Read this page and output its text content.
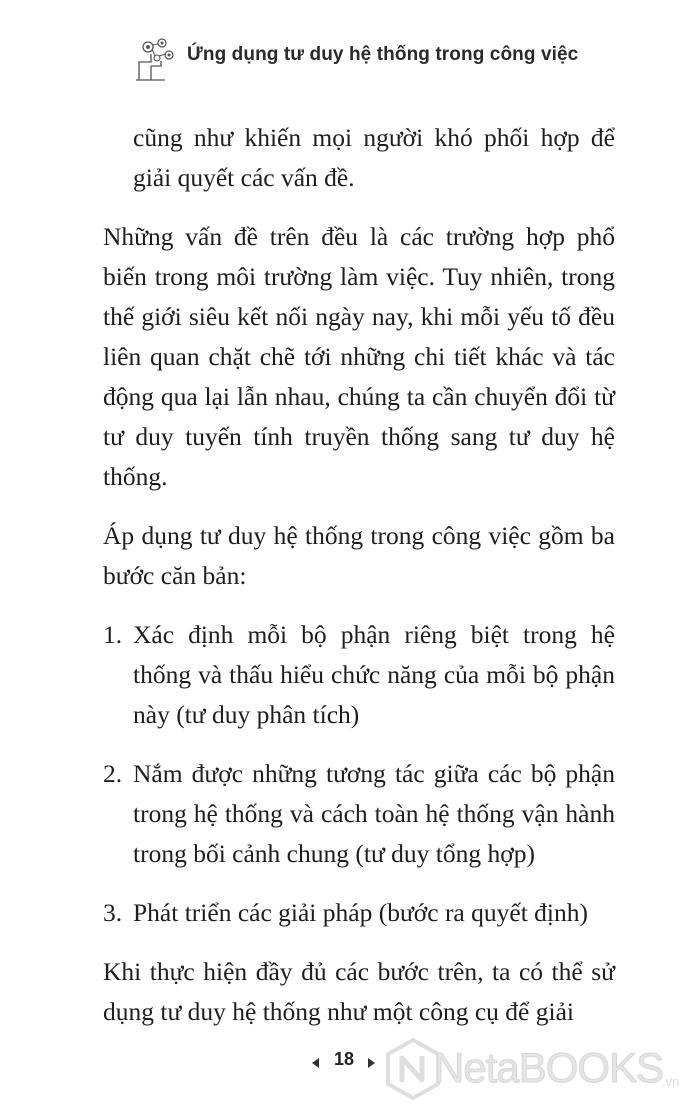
Ứng dụng tư duy hệ thống trong công việc

cũng như khiến mọi người khó phối hợp để giải quyết các vấn đề.

Những vấn đề trên đều là các trường hợp phổ biến trong môi trường làm việc. Tuy nhiên, trong thế giới siêu kết nối ngày nay, khi mỗi yếu tố đều liên quan chặt chẽ tới những chi tiết khác và tác động qua lại lẫn nhau, chúng ta cần chuyển đổi từ tư duy tuyến tính truyền thống sang tư duy hệ thống.

Áp dụng tư duy hệ thống trong công việc gồm ba bước căn bản:

1. Xác định mỗi bộ phận riêng biệt trong hệ thống và thấu hiểu chức năng của mỗi bộ phận này (tư duy phân tích)
2. Nắm được những tương tác giữa các bộ phận trong hệ thống và cách toàn hệ thống vận hành trong bối cảnh chung (tư duy tổng hợp)
3. Phát triển các giải pháp (bước ra quyết định)

Khi thực hiện đầy đủ các bước trên, ta có thể sử dụng tư duy hệ thống như một công cụ để giải

18 NetaBOOKS
.vn
